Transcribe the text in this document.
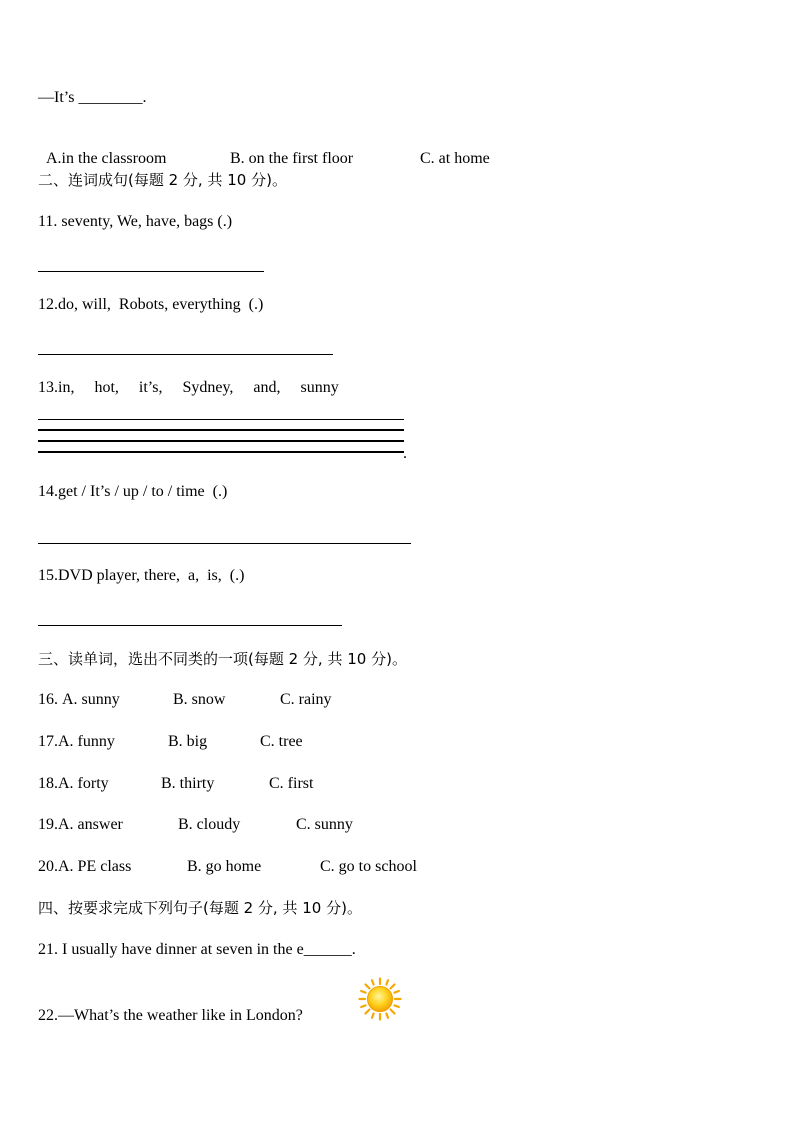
—It’s ________.

A.in the classroom	B. on the first floor	C. at home

二、连词成句(每题 2 分, 共 10 分)。
11. seventy, We, have, bags (.)
12.do, will,  Robots, everything  (.)
13.in,     hot,     it’s,     Sydney,     and,     sunny
.
14.get / It’s / up / to / time  (.)
15.DVD player, there,  a,  is,  (.)
三、读单词，选出不同类的一项(每题 2 分, 共 10 分)。
16. A. sunny	B. snow	C. rainy
17.A. funny	B. big	C. tree
18.A. forty	B. thirty	C. first
19.A. answer	B. cloudy	C. sunny
20.A. PE class	B. go home	C. go to school
四、按要求完成下列句子(每题 2 分, 共 10 分)。
21. I usually have dinner at seven in the e______.
22.—What’s the weather like in London?
